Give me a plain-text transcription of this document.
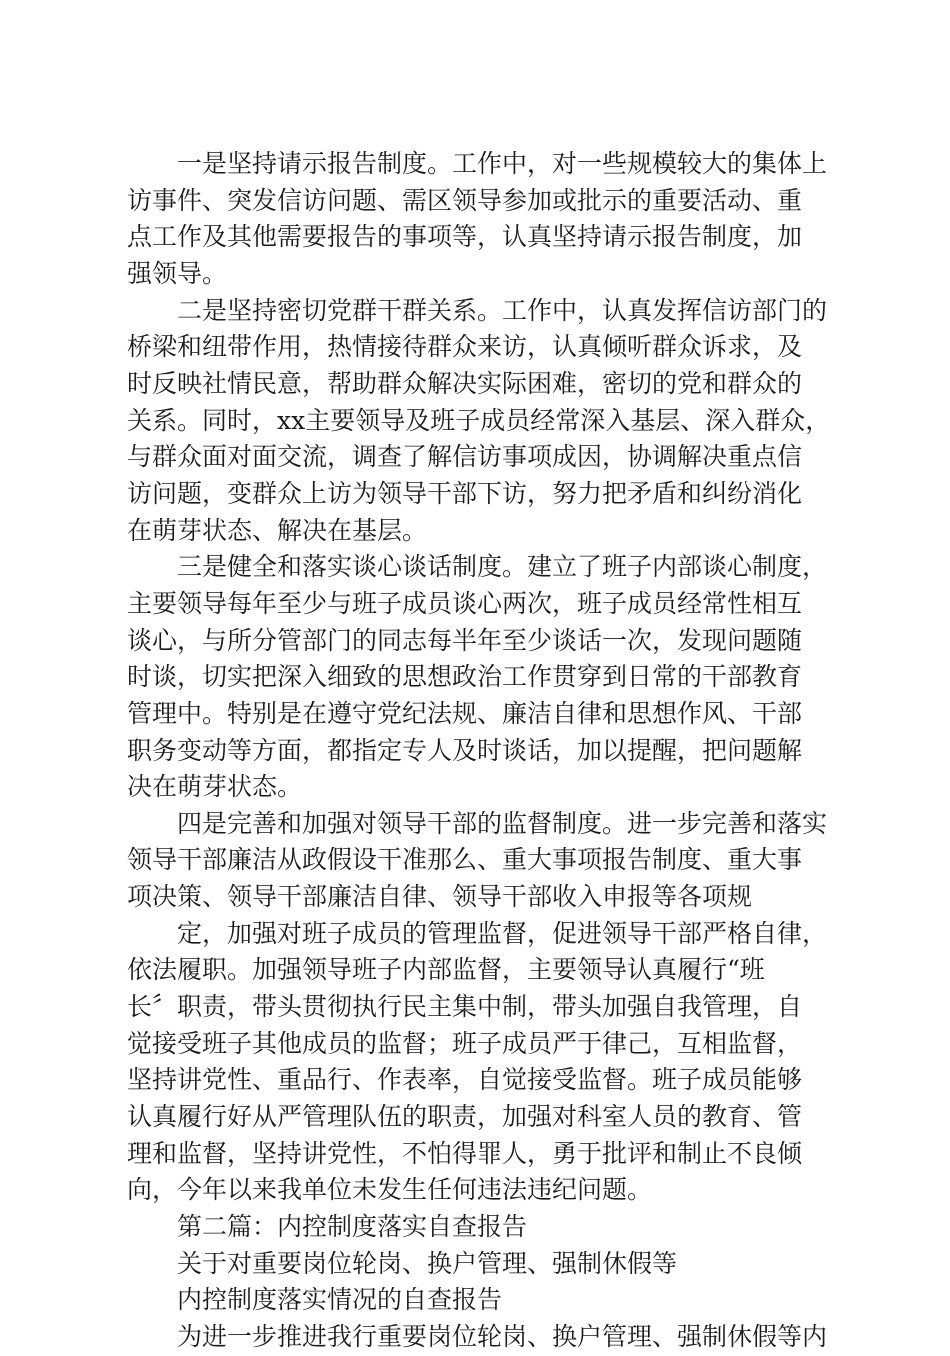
一是坚持请示报告制度。工作中，对一些规模较大的集体上
访事件、突发信访问题、需区领导参加或批示的重要活动、重
点工作及其他需要报告的事项等，认真坚持请示报告制度，加
强领导。
二是坚持密切党群干群关系。工作中，认真发挥信访部门的
桥梁和纽带作用，热情接待群众来访，认真倾听群众诉求，及
时反映社情民意，帮助群众解决实际困难，密切的党和群众的
关系。同时，xx主要领导及班子成员经常深入基层、深入群众，
与群众面对面交流，调查了解信访事项成因，协调解决重点信
访问题，变群众上访为领导干部下访，努力把矛盾和纠纷消化
在萌芽状态、解决在基层。
三是健全和落实谈心谈话制度。建立了班子内部谈心制度，
主要领导每年至少与班子成员谈心两次，班子成员经常性相互
谈心，与所分管部门的同志每半年至少谈话一次，发现问题随
时谈，切实把深入细致的思想政治工作贯穿到日常的干部教育
管理中。特别是在遵守党纪法规、廉洁自律和思想作风、干部
职务变动等方面，都指定专人及时谈话，加以提醒，把问题解
决在萌芽状态。
四是完善和加强对领导干部的监督制度。进一步完善和落实
领导干部廉洁从政假设干准那么、重大事项报告制度、重大事
项决策、领导干部廉洁自律、领导干部收入申报等各项规
定，加强对班子成员的管理监督，促进领导干部严格自律，
依法履职。加强领导班子内部监督，主要领导认真履行“班
长〞职责，带头贯彻执行民主集中制，带头加强自我管理，自
觉接受班子其他成员的监督；班子成员严于律己，互相监督，
坚持讲党性、重品行、作表率，自觉接受监督。班子成员能够
认真履行好从严管理队伍的职责，加强对科室人员的教育、管
理和监督，坚持讲党性，不怕得罪人，勇于批评和制止不良倾
向，今年以来我单位未发生任何违法违纪问题。
第二篇：内控制度落实自查报告
关于对重要岗位轮岗、换户管理、强制休假等
内控制度落实情况的自查报告
为进一步推进我行重要岗位轮岗、换户管理、强制休假等内
